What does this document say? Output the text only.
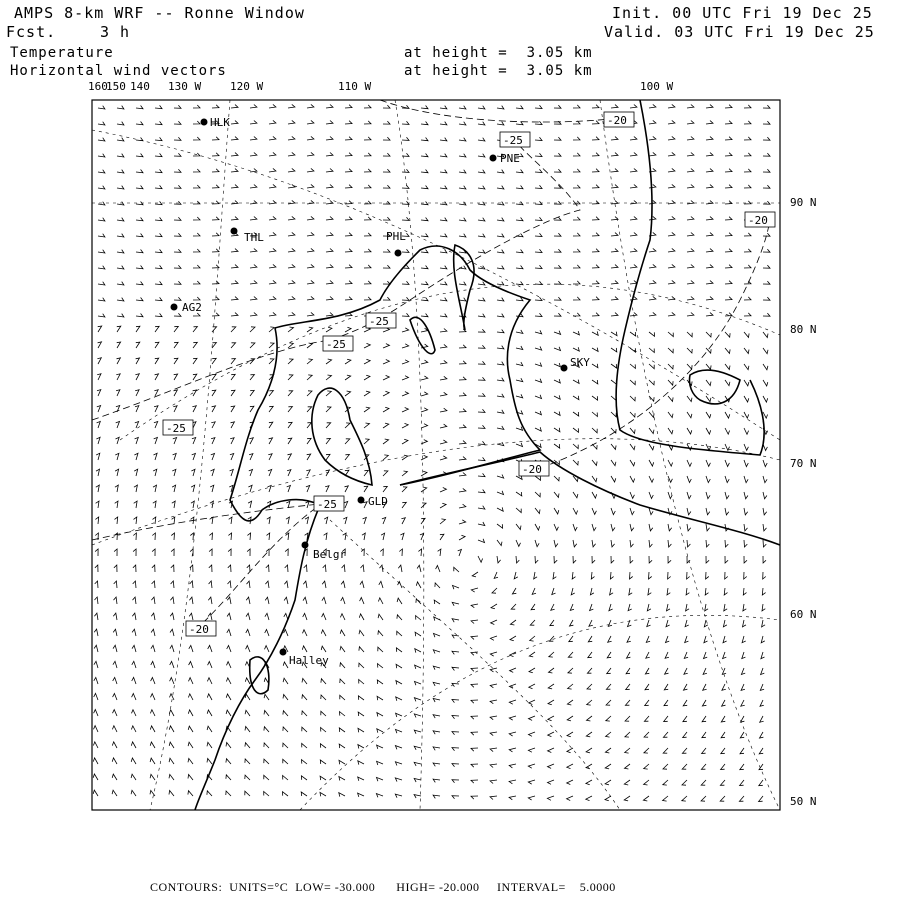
AMPS 8-km WRF -- Ronne Window
Fcst.	3 h
Init. 00 UTC Fri 19 Dec 25
Valid. 03 UTC Fri 19 Dec 25
Temperature
Horizontal wind vectors
at height =  3.05 km
at height =  3.05 km
160
150 140 130 W	120 W	110 W	100 W
90 N
80 N
70 N
60 N
50 N
HLK
PNE
THL	PHL
AG2
SKY
GLD
Belgr
Halley
-25
-20
-20
-25
-25
-20
-25
-25
-20
CONTOURS:  UNITS=°C  LOW= -30.000      HIGH= -20.000     INTERVAL=    5.0000
